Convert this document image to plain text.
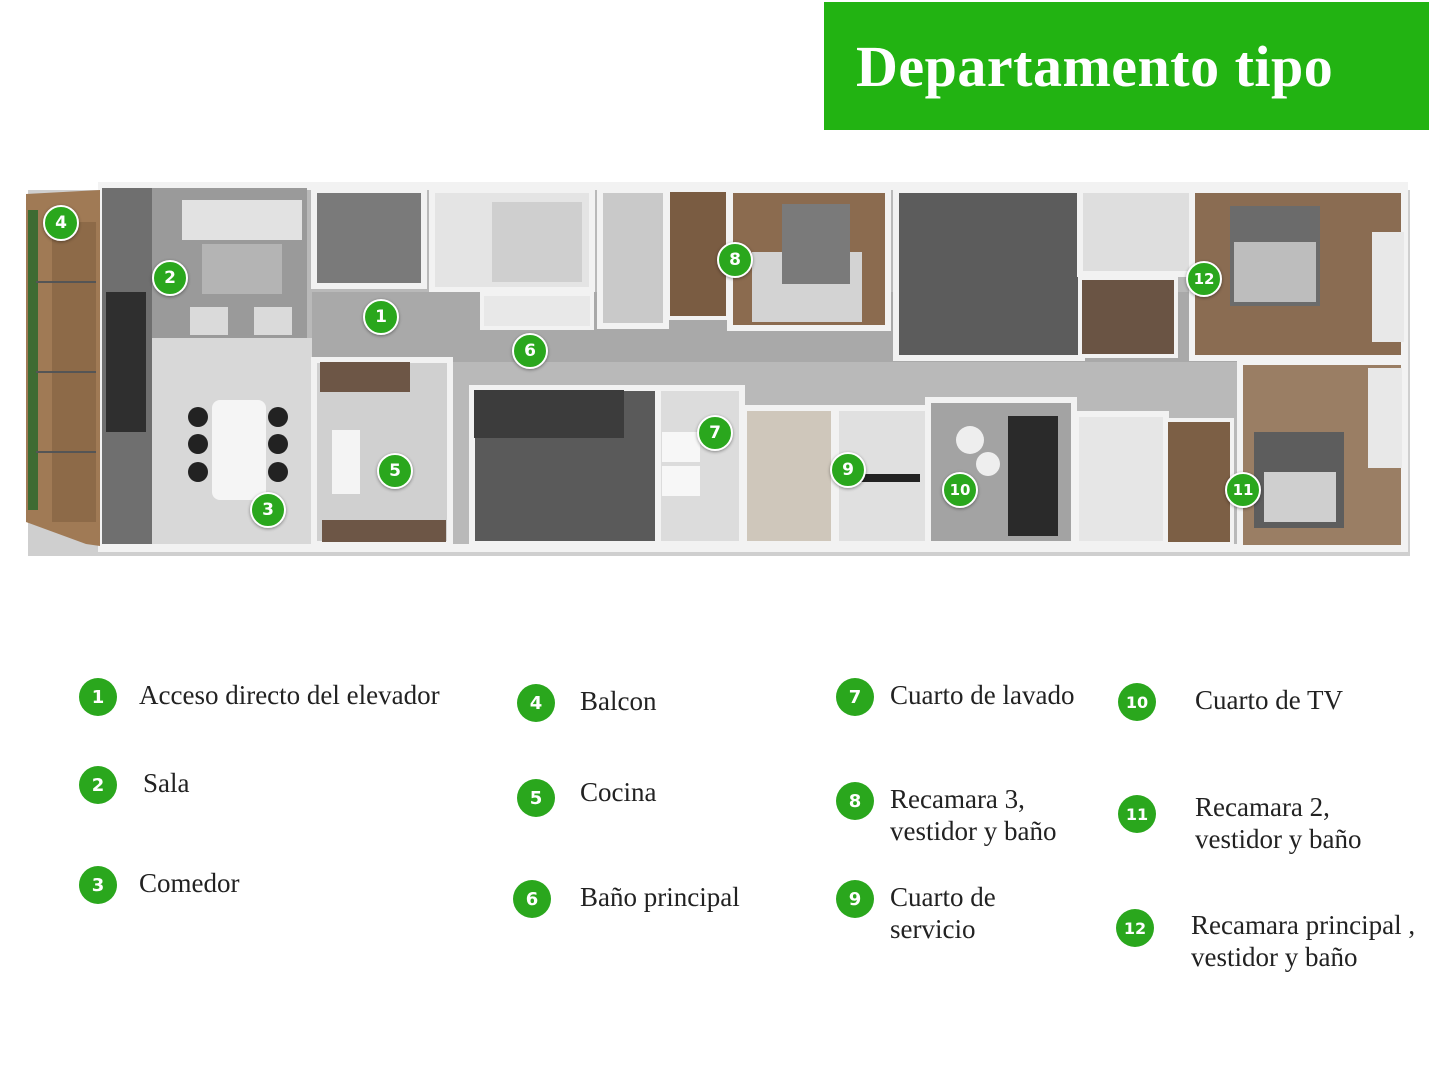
Departamento tipo
1
2
3
4
5
6
7
8
9
10	11
12
1	Acceso directo del elevador
2	Sala
3	Comedor
4	Balcon
5	Cocina
6	Baño principal
7	Cuarto de lavado
8	Recamara 3,
vestidor y baño
9	Cuarto de
servicio
10 Cuarto de TV
11 Recamara 2,
vestidor y baño
12 Recamara principal ,
vestidor y baño
